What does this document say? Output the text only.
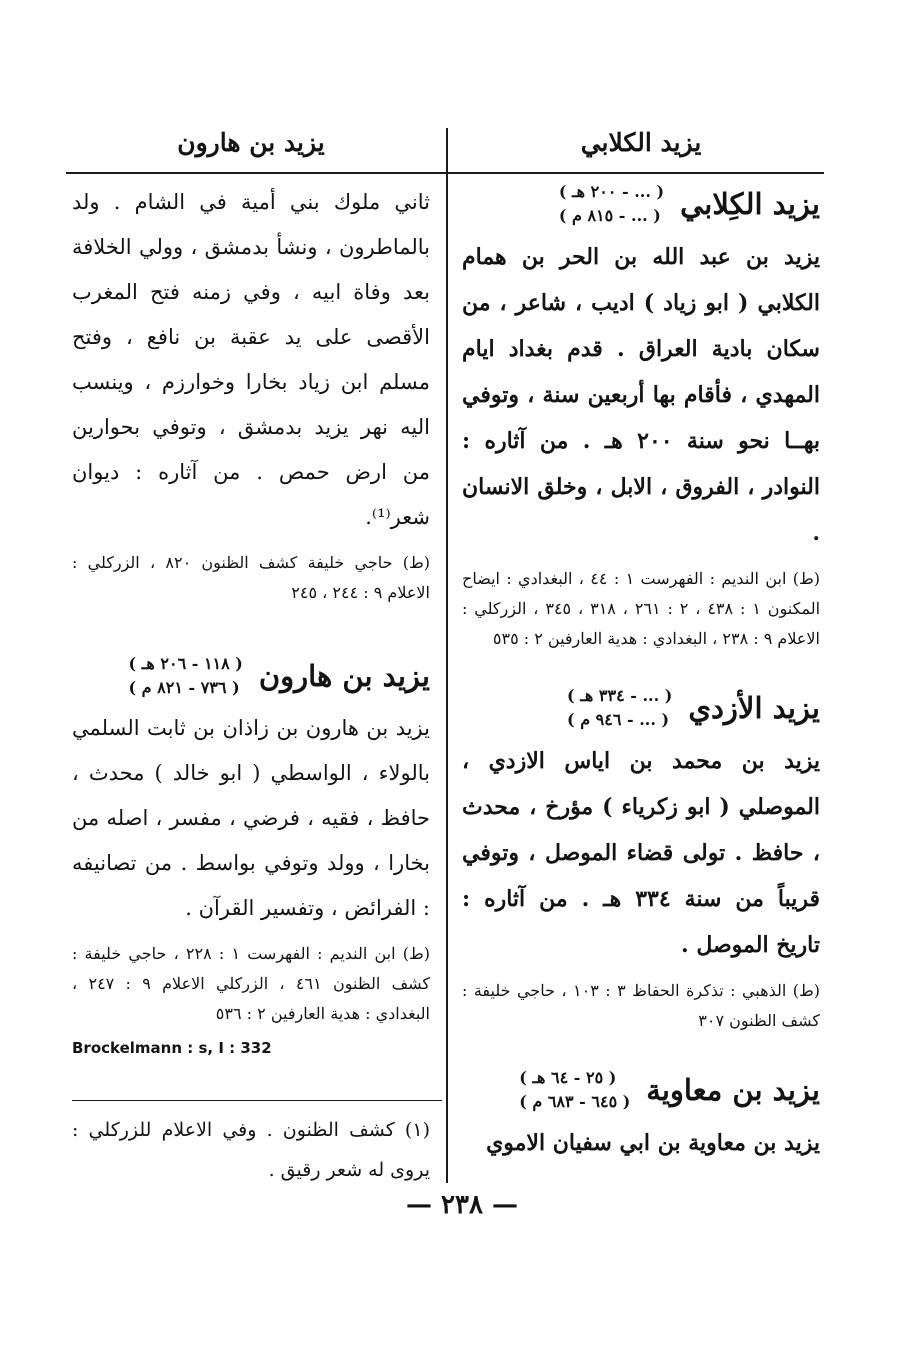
يزيد الكلابي
يزيد بن هارون
يزيد الكِلابي
( ... - ٢٠٠ هـ )
( ... - ٨١٥ م )
يزيد بن عبد الله بن الحر بن همام الكلابي ( ابو زياد ) اديب ، شاعر ، من سكان بادية العراق . قدم بغداد ايام المهدي ، فأقام بها أربعين سنة ، وتوفي بهــا نحو سنة ٢٠٠ هـ . من آثاره : النوادر ، الفروق ، الابل ، وخلق الانسان .
(ط) ابن النديم : الفهرست ١ : ٤٤ ، البغدادي : ايضاح المكنون ١ : ٤٣٨ ، ٢ : ٢٦١ ، ٣١٨ ، ٣٤٥ ، الزركلي : الاعلام ٩ : ٢٣٨ ، البغدادي : هدية العارفين ٢ : ٥٣٥
يزيد الأزدي
( ... - ٣٣٤ هـ )
( ... - ٩٤٦ م )
يزيد بن محمد بن اياس الازدي ، الموصلي ( ابو زكرياء ) مؤرخ ، محدث ، حافظ . تولى قضاء الموصل ، وتوفي قريباً من سنة ٣٣٤ هـ . من آثاره : تاريخ الموصل .
(ط) الذهبي : تذكرة الحفاظ ٣ : ١٠٣ ، حاجي خليفة : كشف الظنون ٣٠٧
يزيد بن معاوية
( ٢٥ - ٦٤ هـ )
( ٦٤٥ - ٦٨٣ م )
يزيد بن معاوية بن ابي سفيان الاموي
ثاني ملوك بني أمية في الشام . ولد بالماطرون ، ونشأ بدمشق ، وولي الخلافة بعد وفاة ابيه ، وفي زمنه فتح المغرب الأقصى على يد عقبة بن نافع ، وفتح مسلم ابن زياد بخارا وخوارزم ، وينسب اليه نهر يزيد بدمشق ، وتوفي بحوارين من ارض حمص . من آثاره : ديوان شعر⁽¹⁾.
(ط) حاجي خليفة كشف الظنون ٨٢٠ ، الزركلي : الاعلام ٩ : ٢٤٤ ، ٢٤٥
يزيد بن هارون
( ١١٨ - ٢٠٦ هـ )
( ٧٣٦ - ٨٢١ م )
يزيد بن هارون بن زاذان بن ثابت السلمي بالولاء ، الواسطي ( ابو خالد ) محدث ، حافظ ، فقيه ، فرضي ، مفسر ، اصله من بخارا ، وولد وتوفي بواسط . من تصانيفه : الفرائض ، وتفسير القرآن .
(ط) ابن النديم : الفهرست ١ : ٢٢٨ ، حاجي خليفة : كشف الظنون ٤٦١ ، الزركلي الاعلام ٩ : ٢٤٧ ، البغدادي : هدية العارفين ٢ : ٥٣٦
Brockelmann : s, I : 332
(١) كشف الظنون . وفي الاعلام للزركلي : يروى له شعر رقيق .
— ٢٣٨ —
